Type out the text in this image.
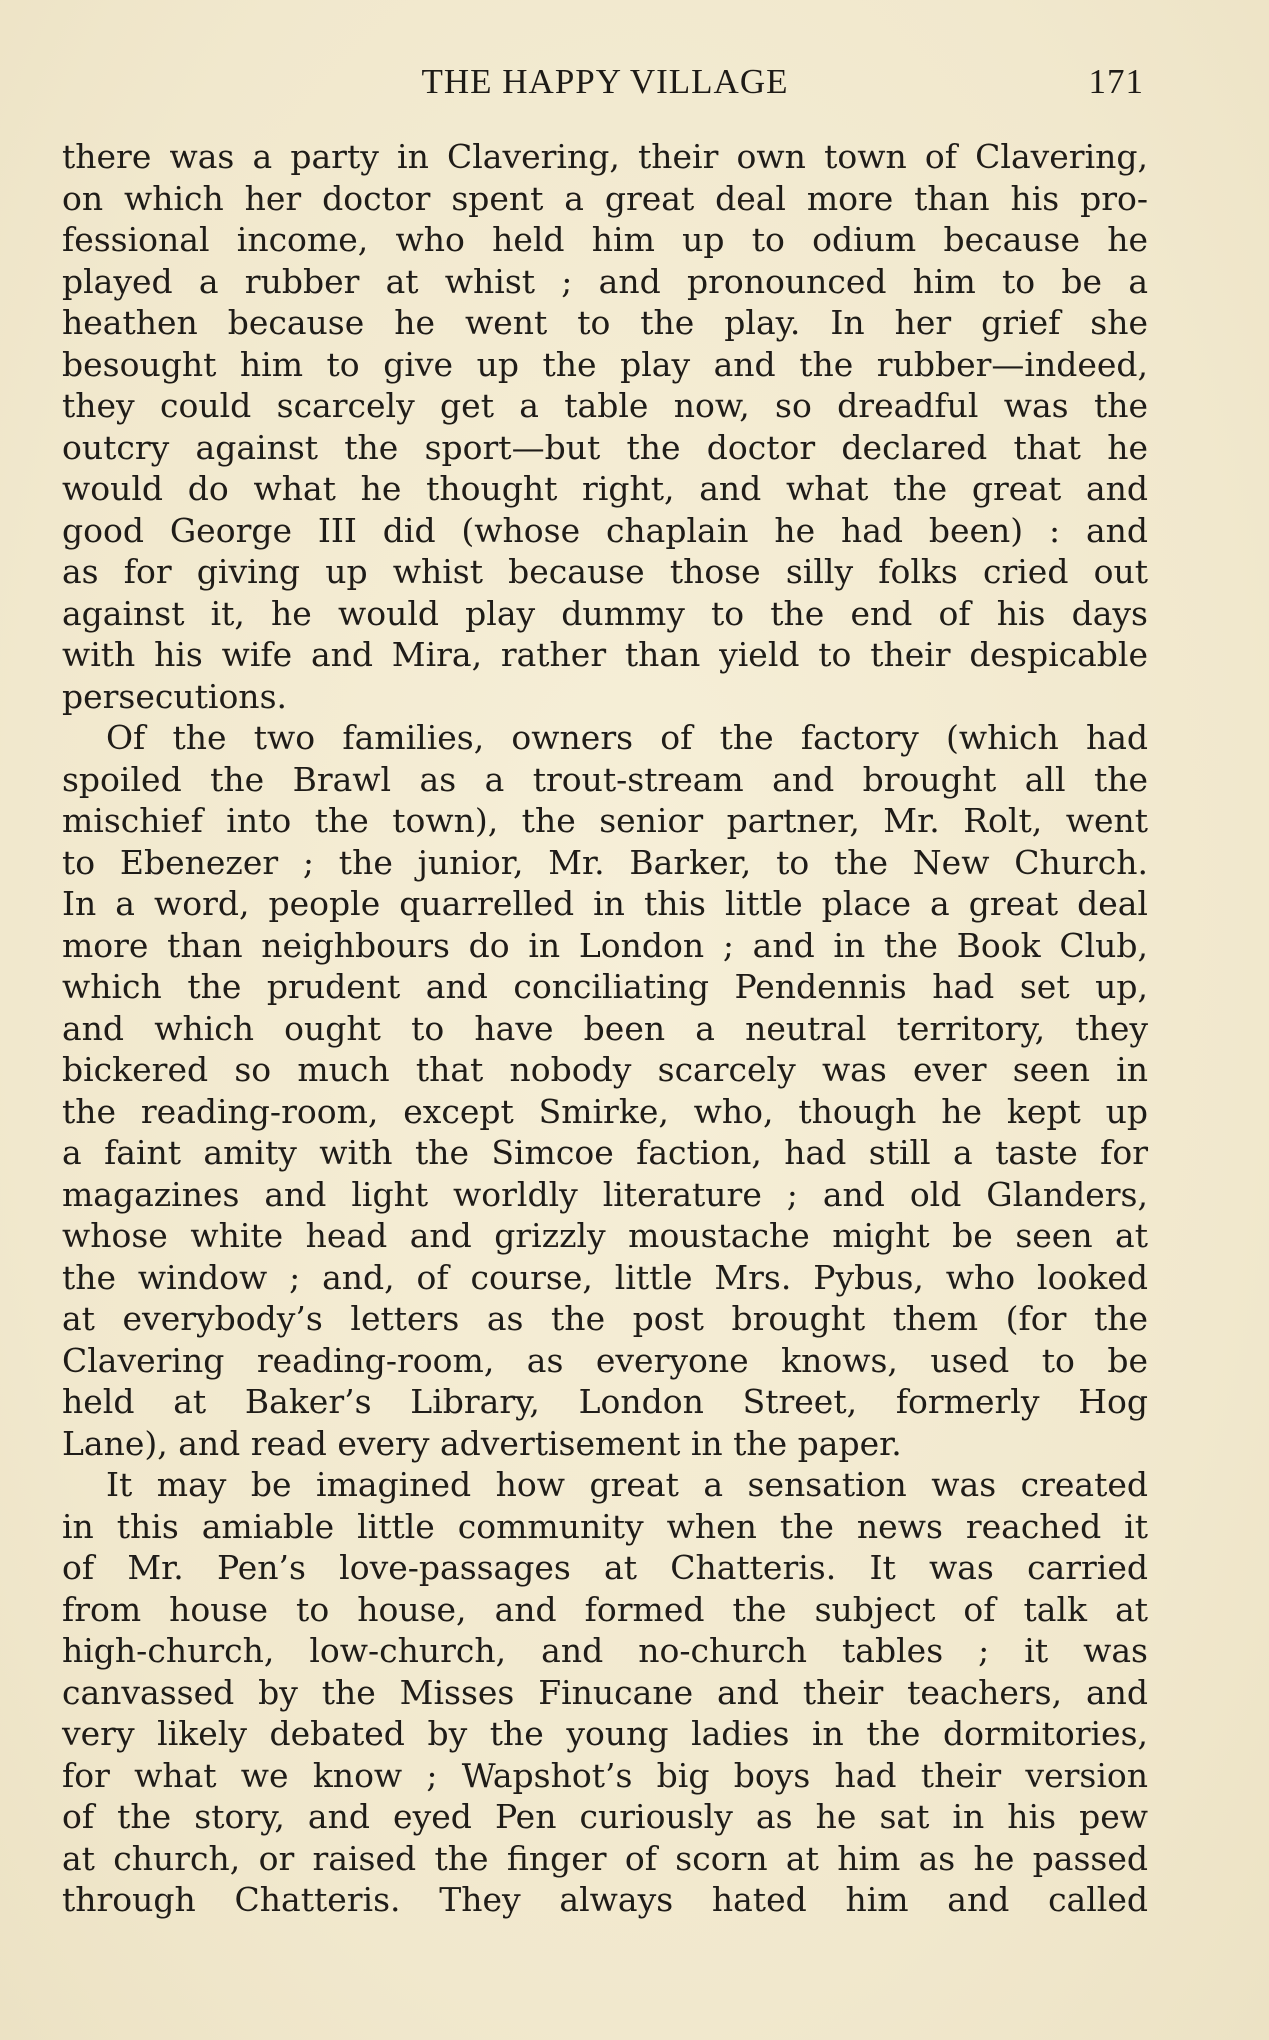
THE HAPPY VILLAGE	171
there was a party in Clavering, their own town of Clavering,
on which her doctor spent a great deal more than his pro-
fessional income, who held him up to odium because he
played a rubber at whist ; and pronounced him to be a
heathen because he went to the play. In her grief she
besought him to give up the play and the rubber—indeed,
they could scarcely get a table now, so dreadful was the
outcry against the sport—but the doctor declared that he
would do what he thought right, and what the great and
good George III did (whose chaplain he had been) : and
as for giving up whist because those silly folks cried out
against it, he would play dummy to the end of his days
with his wife and Mira, rather than yield to their despicable
persecutions.
Of the two families, owners of the factory (which had
spoiled the Brawl as a trout-stream and brought all the
mischief into the town), the senior partner, Mr. Rolt, went
to Ebenezer ; the junior, Mr. Barker, to the New Church.
In a word, people quarrelled in this little place a great deal
more than neighbours do in London ; and in the Book Club,
which the prudent and conciliating Pendennis had set up,
and which ought to have been a neutral territory, they
bickered so much that nobody scarcely was ever seen in
the reading-room, except Smirke, who, though he kept up
a faint amity with the Simcoe faction, had still a taste for
magazines and light worldly literature ; and old Glanders,
whose white head and grizzly moustache might be seen at
the window ; and, of course, little Mrs. Pybus, who looked
at everybody’s letters as the post brought them (for the
Clavering reading-room, as everyone knows, used to be
held at Baker’s Library, London Street, formerly Hog
Lane), and read every advertisement in the paper.
It may be imagined how great a sensation was created
in this amiable little community when the news reached it
of Mr. Pen’s love-passages at Chatteris. It was carried
from house to house, and formed the subject of talk at
high-church, low-church, and no-church tables ; it was
canvassed by the Misses Finucane and their teachers, and
very likely debated by the young ladies in the dormitories,
for what we know ; Wapshot’s big boys had their version
of the story, and eyed Pen curiously as he sat in his pew
at church, or raised the finger of scorn at him as he passed
through Chatteris. They always hated him and called
